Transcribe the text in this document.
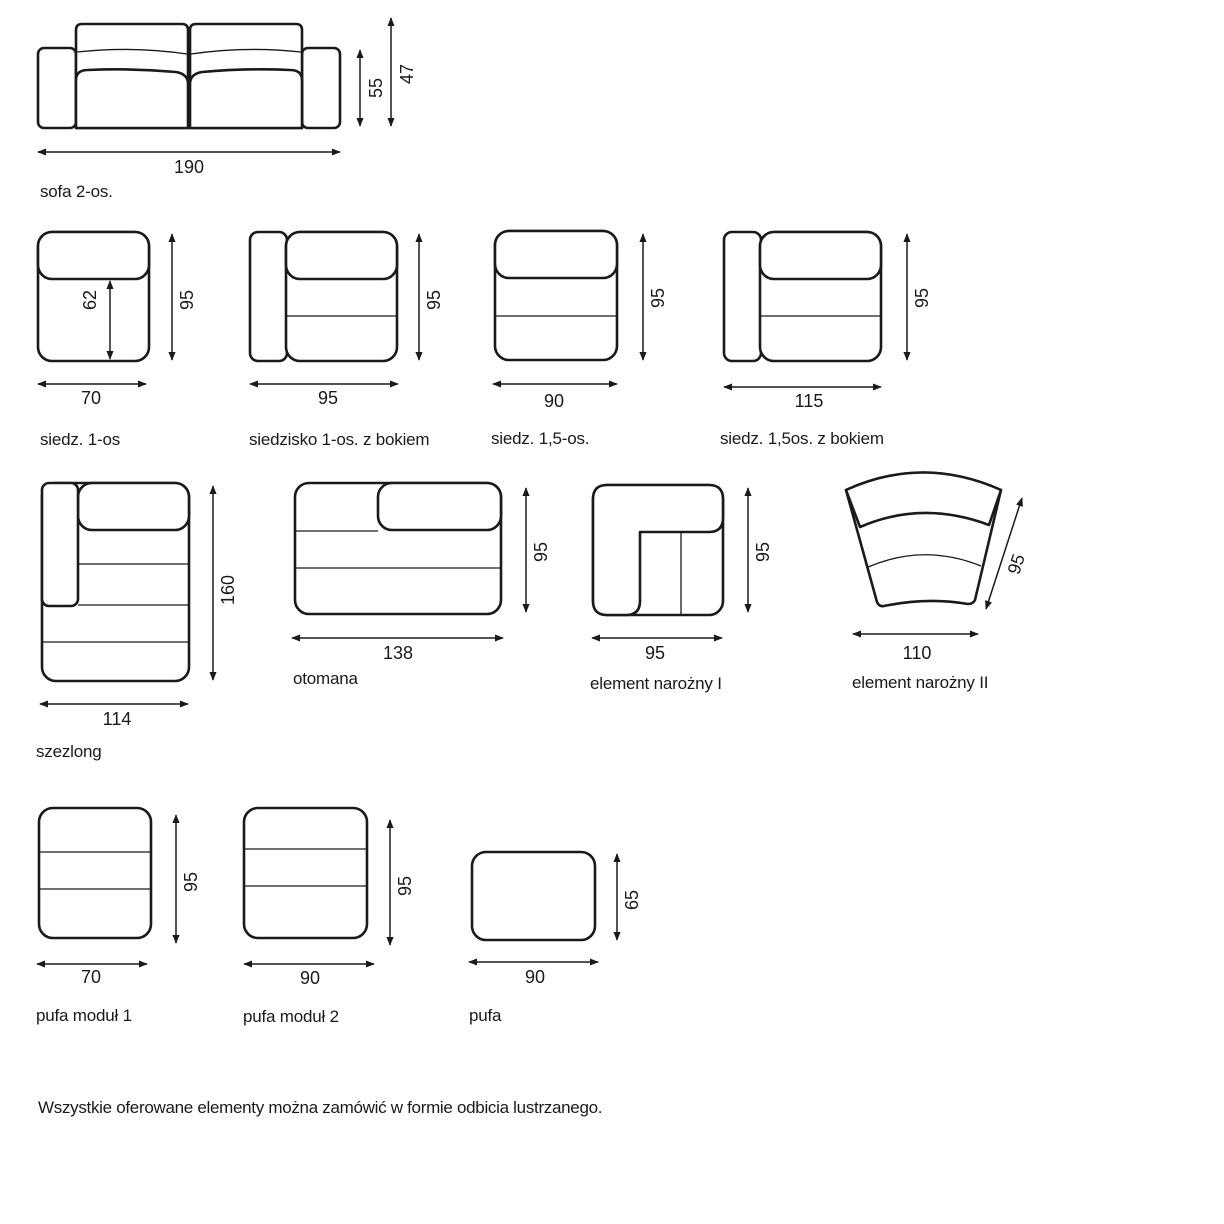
190
55
47
62	95
70
95
95
95
90
95
115
160
114
95
138
95
95
95
110
95
70
95
90
65
90
sofa 2-os.
siedz. 1-os	siedzisko 1-os. z bokiem	siedz. 1,5-os.	siedz. 1,5os. z bokiem
szezlong
otomana	element narożny I	element narożny II
pufa moduł 1	pufa moduł 2	pufa
Wszystkie oferowane elementy można zamówić w formie odbicia lustrzanego.
